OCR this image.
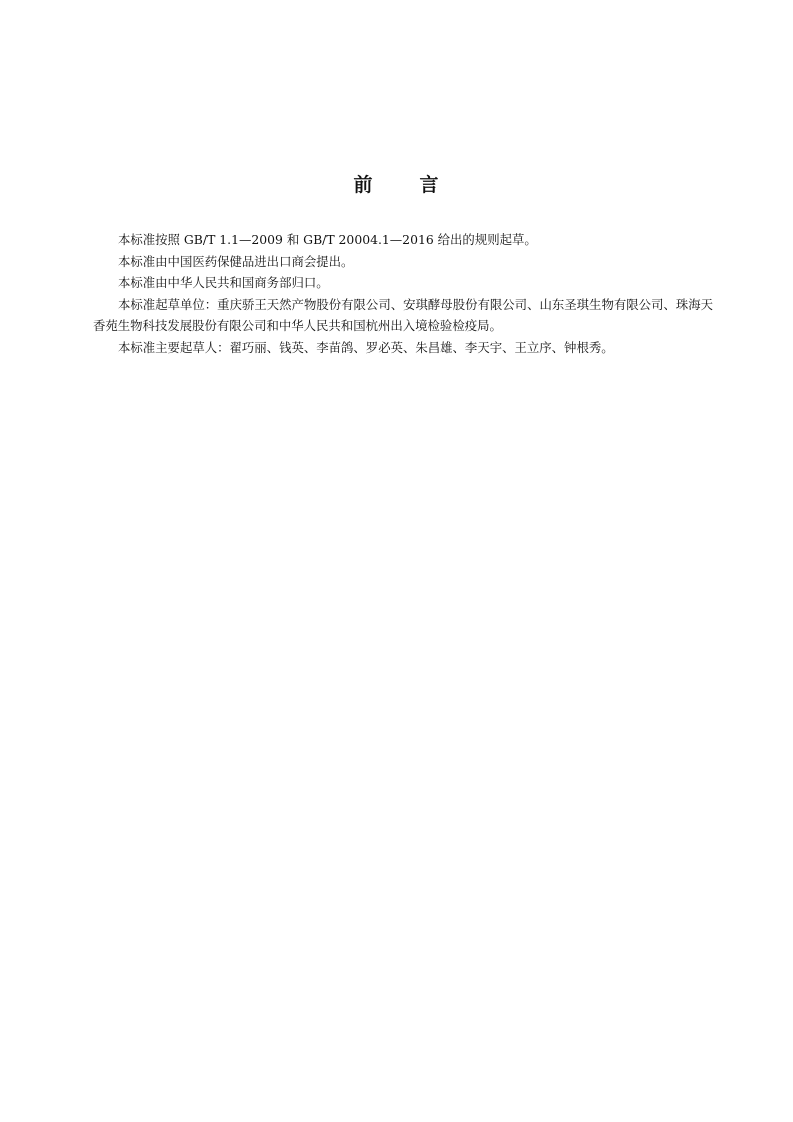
前 言

本标准按照 GB/T 1.1—2009 和 GB/T 20004.1—2016 给出的规则起草。

本标准由中国医药保健品进出口商会提出。

本标准由中华人民共和国商务部归口。

本标准起草单位：重庆骄王天然产物股份有限公司、安琪酵母股份有限公司、山东圣琪生物有限公司、珠海天香苑生物科技发展股份有限公司和中华人民共和国杭州出入境检验检疫局。

本标准主要起草人：翟巧丽、钱英、李苗鸽、罗必英、朱昌雄、李天宇、王立序、钟根秀。
